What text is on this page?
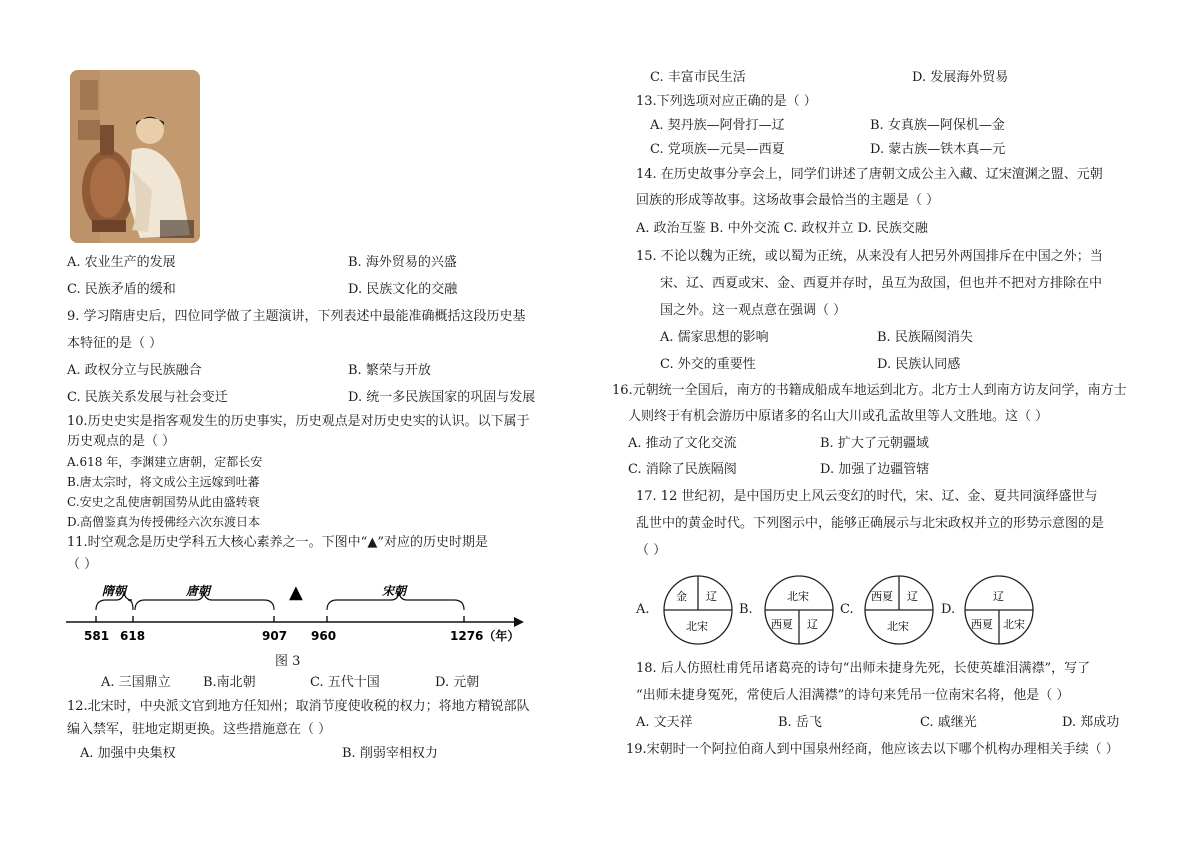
A. 农业生产的发展	B. 海外贸易的兴盛
C. 民族矛盾的缓和	D. 民族文化的交融
9. 学习隋唐史后，四位同学做了主题演讲，下列表述中最能准确概括这段历史基
本特征的是（ ）
A. 政权分立与民族融合	B. 繁荣与开放
C. 民族关系发展与社会变迁	D. 统一多民族国家的巩固与发展
10.历史史实是指客观发生的历史事实，历史观点是对历史史实的认识。以下属于
历史观点的是（ ）
A.618 年，李渊建立唐朝，定都长安
B.唐太宗时，将文成公主远嫁到吐蕃
C.安史之乱使唐朝国势从此由盛转衰
D.高僧鉴真为传授佛经六次东渡日本
11.时空观念是历史学科五大核心素养之一。下图中“▲”对应的历史时期是
（ ）
隋朝	唐朝	宋朝
▲
581 618	907 960	1276（年）
图 3
A. 三国鼎立 B.南北朝	C. 五代十国	D. 元朝
12.北宋时，中央派文官到地方任知州；取消节度使收税的权力；将地方精锐部队
编入禁军，驻地定期更换。这些措施意在（ ）
A. 加强中央集权	B. 削弱宰相权力
C. 丰富市民生活	D. 发展海外贸易
13.下列选项对应正确的是（ ）
A. 契丹族—阿骨打—辽	B. 女真族—阿保机—金
C. 党项族—元昊—西夏	D. 蒙古族—铁木真—元
14. 在历史故事分享会上，同学们讲述了唐朝文成公主入藏、辽宋澶渊之盟、元朝
回族的形成等故事。这场故事会最恰当的主题是（ ）
A. 政治互鉴 B. 中外交流 C. 政权并立 D. 民族交融
15. 不论以魏为正统，或以蜀为正统，从来没有人把另外两国排斥在中国之外；当
宋、辽、西夏或宋、金、西夏并存时，虽互为敌国，但也并不把对方排除在中
国之外。这一观点意在强调（ ）
A. 儒家思想的影响	B. 民族隔阂消失
C. 外交的重要性	D. 民族认同感
16.元朝统一全国后，南方的书籍成船成车地运到北方。北方士人到南方访友问学，南方士
人则终于有机会游历中原诸多的名山大川或孔孟故里等人文胜地。这（ ）
A. 推动了文化交流	B. 扩大了元朝疆域
C. 消除了民族隔阂	D. 加强了边疆管辖
17. 12 世纪初，是中国历史上风云变幻的时代，宋、辽、金、夏共同演绎盛世与
乱世中的黄金时代。下列图示中，能够正确展示与北宋政权并立的形势示意图的是
（ ）
A.
金 辽
北宋
B.
北宋
西夏 辽
C.
西夏 辽
北宋
D.
辽
西夏 北宋
18. 后人仿照杜甫凭吊诸葛亮的诗句“出师未捷身先死，长使英雄泪满襟”，写了
“出师未捷身冤死，常使后人泪满襟”的诗句来凭吊一位南宋名将，他是（ ）
A. 文天祥	B. 岳飞	C. 戚继光	D. 郑成功
19.宋朝时一个阿拉伯商人到中国泉州经商，他应该去以下哪个机构办理相关手续（ ）
